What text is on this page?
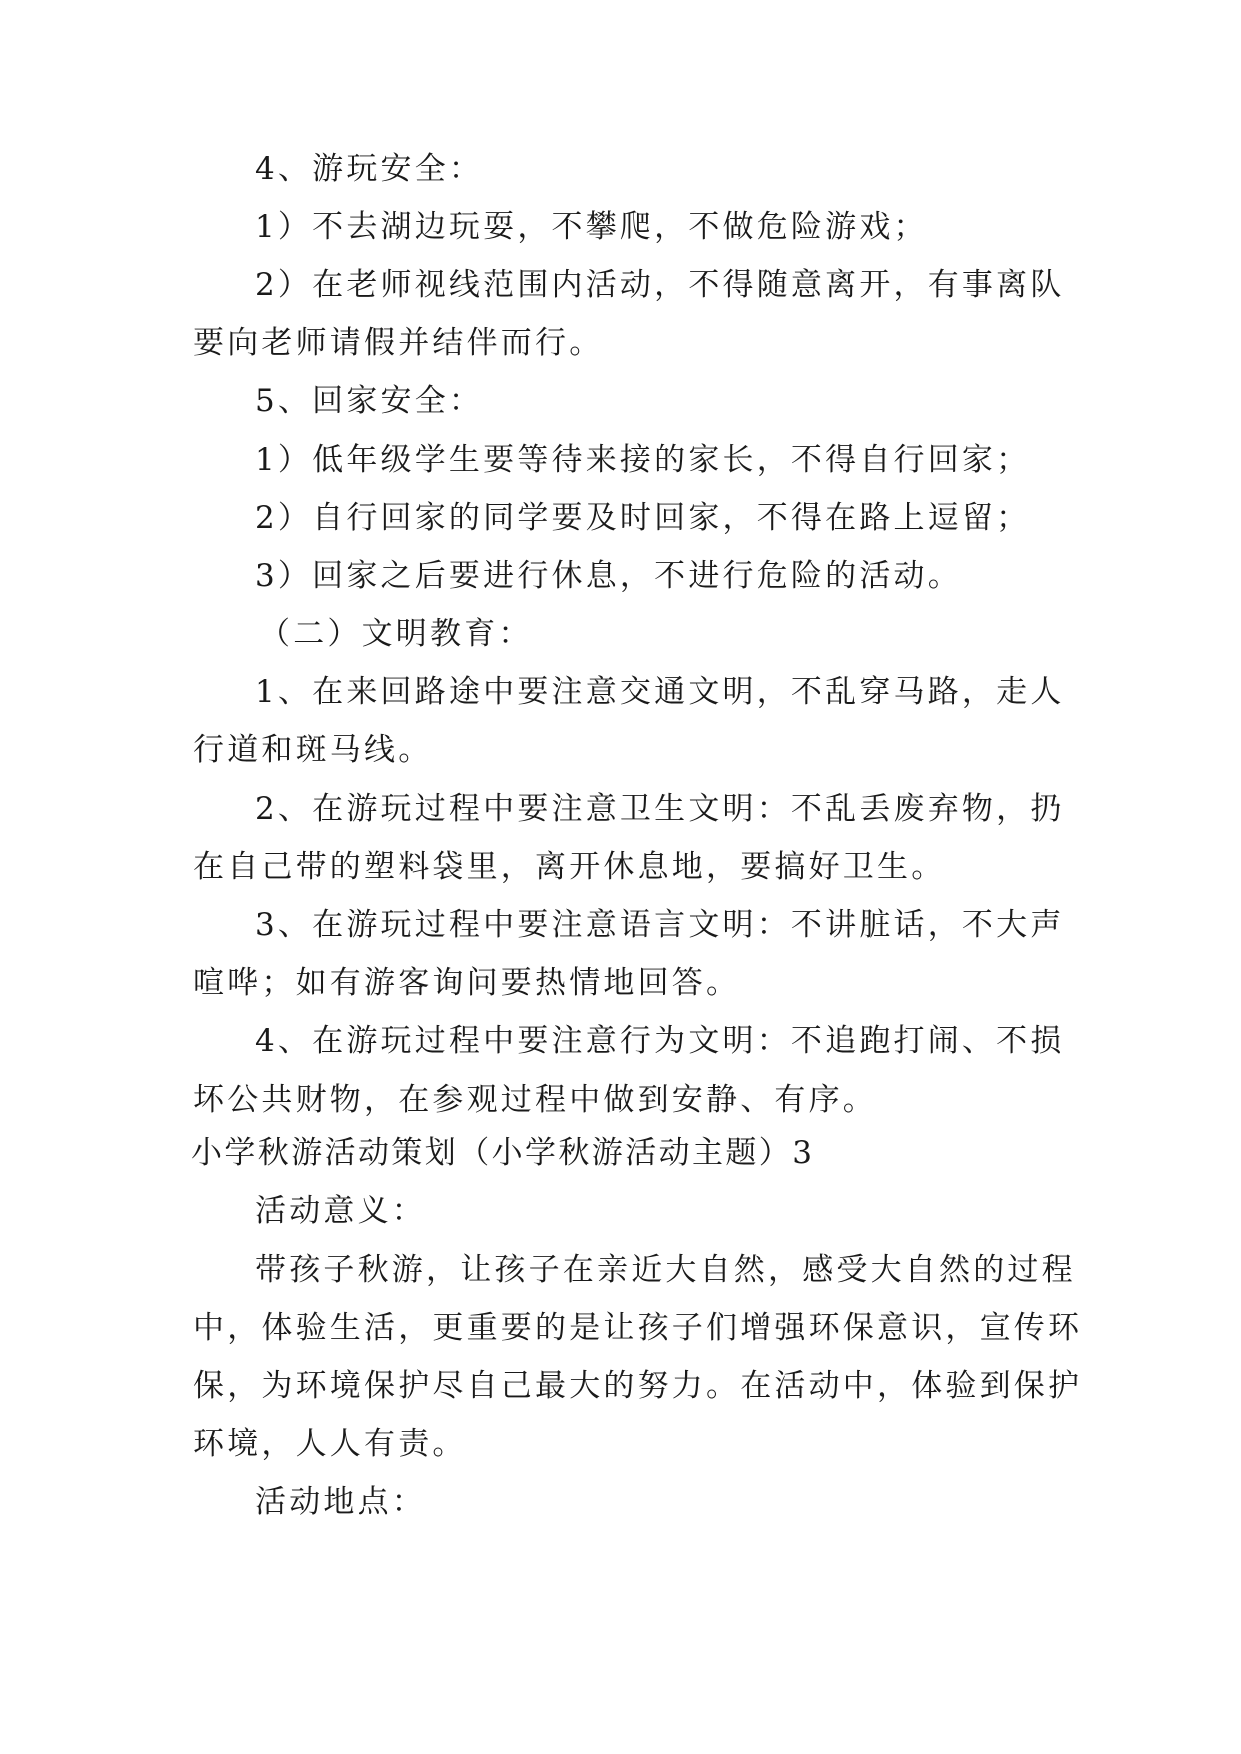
4、游玩安全：
1）不去湖边玩耍，不攀爬，不做危险游戏；
2）在老师视线范围内活动，不得随意离开，有事离队
要向老师请假并结伴而行。
5、回家安全：
1）低年级学生要等待来接的家长，不得自行回家；
2）自行回家的同学要及时回家，不得在路上逗留；
3）回家之后要进行休息，不进行危险的活动。
（二）文明教育：
1、在来回路途中要注意交通文明，不乱穿马路，走人
行道和斑马线。
2、在游玩过程中要注意卫生文明：不乱丢废弃物，扔
在自己带的塑料袋里，离开休息地，要搞好卫生。
3、在游玩过程中要注意语言文明：不讲脏话，不大声
喧哗；如有游客询问要热情地回答。
4、在游玩过程中要注意行为文明：不追跑打闹、不损
坏公共财物，在参观过程中做到安静、有序。
小学秋游活动策划（小学秋游活动主题）3
活动意义：
带孩子秋游，让孩子在亲近大自然，感受大自然的过程
中，体验生活，更重要的是让孩子们增强环保意识，宣传环
保，为环境保护尽自己最大的努力。在活动中，体验到保护
环境，人人有责。
活动地点：
